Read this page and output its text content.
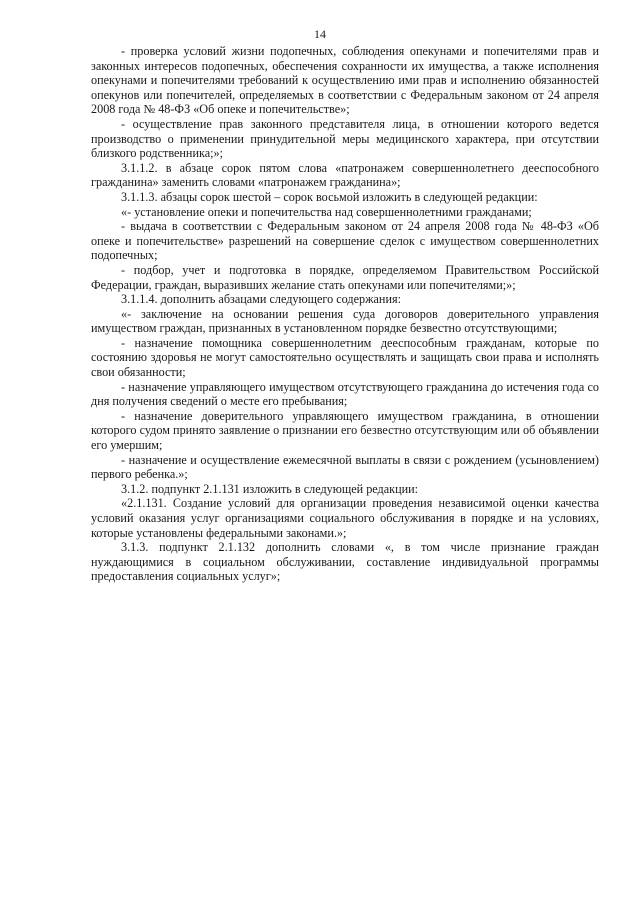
14

- проверка условий жизни подопечных, соблюдения опекунами и попечителями прав и законных интересов подопечных, обеспечения сохранности их имущества, а также исполнения опекунами и попечителями требований к осуществлению ими прав и исполнению обязанностей опекунов или попечителей, определяемых в соответствии с Федеральным законом от 24 апреля 2008 года № 48-ФЗ «Об опеке и попечительстве»;

- осуществление прав законного представителя лица, в отношении которого ведется производство о применении принудительной меры медицинского характера, при отсутствии близкого родственника;»;

3.1.1.2. в абзаце сорок пятом слова «патронажем совершеннолетнего дееспособного гражданина» заменить словами «патронажем гражданина»;

3.1.1.3. абзацы сорок шестой – сорок восьмой изложить в следующей редакции:

«- установление опеки и попечительства над совершеннолетними гражданами;

- выдача в соответствии с Федеральным законом от 24 апреля 2008 года № 48-ФЗ «Об опеке и попечительстве» разрешений на совершение сделок с имуществом совершеннолетних подопечных;

- подбор, учет и подготовка в порядке, определяемом Правительством Российской Федерации, граждан, выразивших желание стать опекунами или попечителями;»;

3.1.1.4. дополнить абзацами следующего содержания:

«- заключение на основании решения суда договоров доверительного управления имуществом граждан, признанных в установленном порядке безвестно отсутствующими;

- назначение помощника совершеннолетним дееспособным гражданам, которые по состоянию здоровья не могут самостоятельно осуществлять и защищать свои права и исполнять свои обязанности;

- назначение управляющего имуществом отсутствующего гражданина до истечения года со дня получения сведений о месте его пребывания;

- назначение доверительного управляющего имуществом гражданина, в отношении которого судом принято заявление о признании его безвестно отсутствующим или об объявлении его умершим;

- назначение и осуществление ежемесячной выплаты в связи с рождением (усыновлением) первого ребенка.»;

3.1.2. подпункт 2.1.131 изложить в следующей редакции:

«2.1.131. Создание условий для организации проведения независимой оценки качества условий оказания услуг организациями социального обслуживания в порядке и на условиях, которые установлены федеральными законами.»;

3.1.3. подпункт 2.1.132 дополнить словами «, в том числе признание граждан нуждающимися в социальном обслуживании, составление индивидуальной программы предоставления социальных услуг»;
